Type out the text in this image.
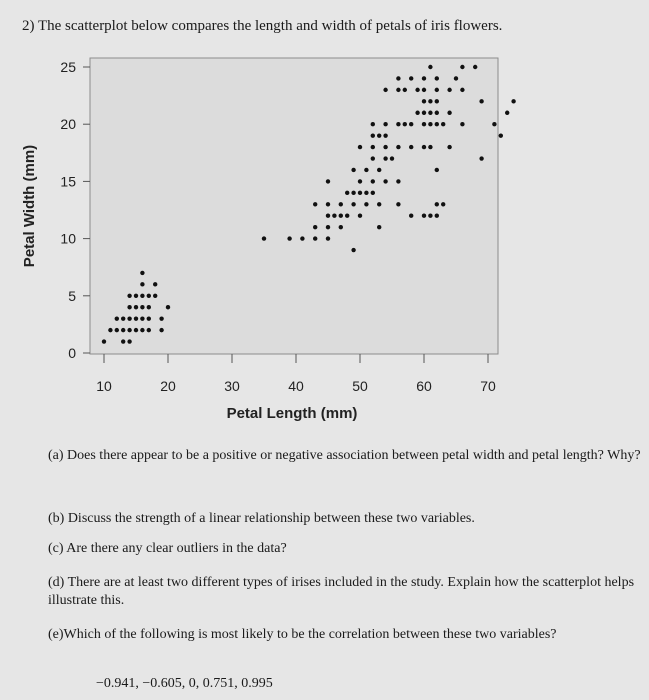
2) The scatterplot below compares the length and width of petals of iris flowers.
10	20	30	40	50	60	70
0
5
10
15
20
25
Petal Length (mm)
Petal Width (mm)

(a) Does there appear to be a positive or negative association between petal width and petal length? Why?

(b) Discuss the strength of a linear relationship between these two variables.

(c) Are there any clear outliers in the data?

(d) There are at least two different types of irises included in the study. Explain how the scatterplot helps illustrate this.

(e)Which of the following is most likely to be the correlation between these two variables?

−0.941, −0.605, 0, 0.751, 0.995
